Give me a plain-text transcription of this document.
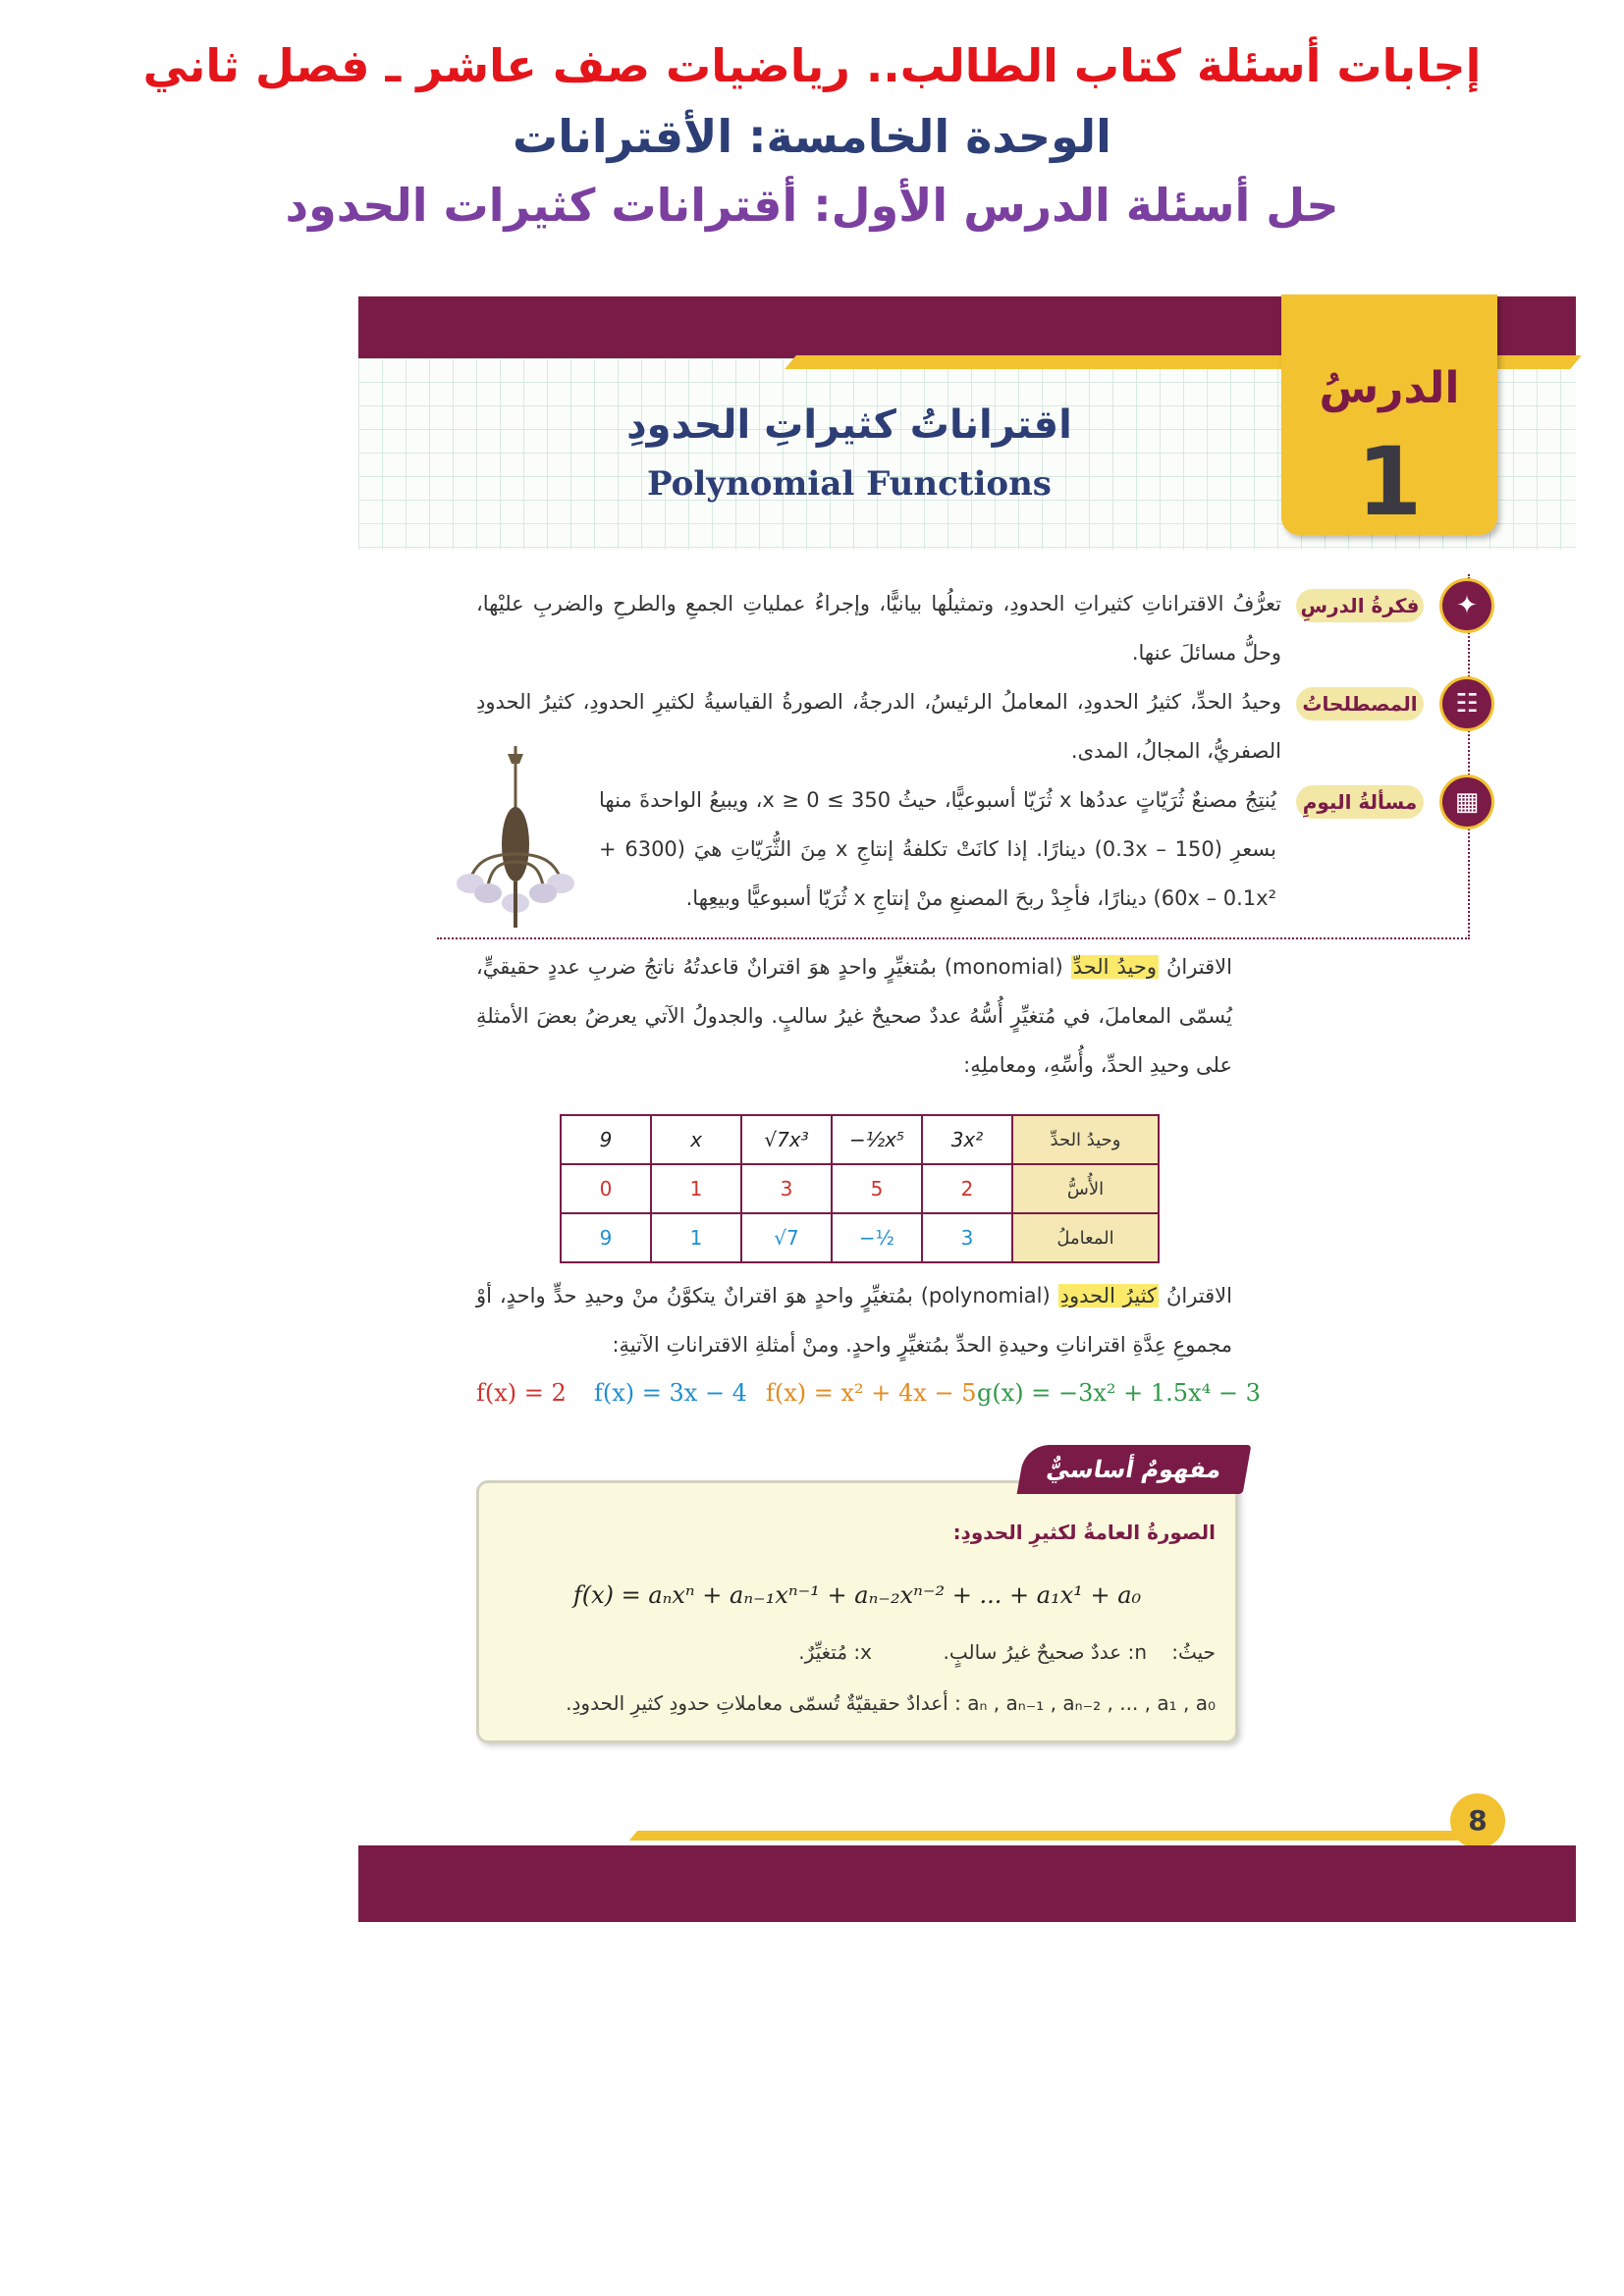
إجابات أسئلة كتاب الطالب.. رياضيات صف عاشر ـ فصل ثاني
الوحدة الخامسة: الأقترانات
حل أسئلة الدرس الأول: أقترانات كثيرات الحدود
الدرسُ
1
اقتراناتُ كثيراتِ الحدودِ
Polynomial Functions
✦
فكرةُ الدرسِ
تعرُّفُ الاقتراناتِ كثيراتِ الحدودِ، وتمثيلُها بيانيًّا، وإجراءُ عملياتِ الجمعِ والطرحِ والضربِ عليْها، وحلُّ مسائلَ عنها.
☷
المصطلحاتُ
وحيدُ الحدِّ، كثيرُ الحدودِ، المعاملُ الرئيسُ، الدرجةُ، الصورةُ القياسيةُ لكثيرِ الحدودِ، كثيرُ الحدودِ الصفريُّ، المجالُ، المدى.
▦
مسألةُ اليومِ
يُنتِجُ مصنعٌ ثُرَيّاتٍ عددُها x ثُرَيّا أسبوعيًّا، حيثُ 350 ≥ x ≥ 0، ويبيعُ الواحدةَ منها بسعرِ (150 – 0.3x) دينارًا. إذا كانَتْ تكلفةُ إنتاجِ x مِنَ الثُّرَيّاتِ هيَ (6300 + 60x – 0.1x²) دينارًا، فأجِدْ ربحَ المصنعِ منْ إنتاجِ x ثُرَيّا أسبوعيًّا وبيعِها.
الاقترانُ وحيدُ الحدِّ (monomial) بمُتغيِّرٍ واحدٍ هوَ اقترانٌ قاعدتُهُ ناتجُ ضربِ عددٍ حقيقيٍّ، يُسمّى المعاملَ، في مُتغيِّرٍ أُسُّهُ عددٌ صحيحٌ غيرُ سالبٍ. والجدولُ الآتي يعرضُ بعضَ الأمثلةِ على وحيدِ الحدِّ، وأُسِّهِ، ومعاملِهِ:
9	x	√7x³	−½x⁵	3x²	وحيدُ الحدِّ
0	1	3	5	2	الأُسُّ
9	1	√7	−½	3	المعاملُ
الاقترانُ كثيرُ الحدودِ (polynomial) بمُتغيِّرٍ واحدٍ هوَ اقترانٌ يتكوَّنُ منْ وحيدِ حدٍّ واحدٍ، أوْ مجموعِ عِدَّةِ اقتراناتِ وحيدةِ الحدِّ بمُتغيِّرٍ واحدٍ. ومنْ أمثلةِ الاقتراناتِ الآتيةِ:
f(x) = 2 f(x) = 3x − 4 f(x) = x² + 4x − 5 g(x) = −3x² + 1.5x⁴ − 3
الصورةُ العامةُ لكثيرِ الحدودِ:
f(x) = aₙxⁿ + aₙ₋₁xⁿ⁻¹ + aₙ₋₂xⁿ⁻² + ... + a₁x¹ + a₀
حيثُ:
n: عددٌ صحيحٌ غيرُ سالبٍ.
x: مُتغيِّرٌ.
aₙ , aₙ₋₁ , aₙ₋₂ , ... , a₁ , a₀ : أعدادٌ حقيقيّةٌ تُسمّى معاملاتِ حدودِ كثيرِ الحدودِ.
مفهومٌ أساسيٌّ
8
